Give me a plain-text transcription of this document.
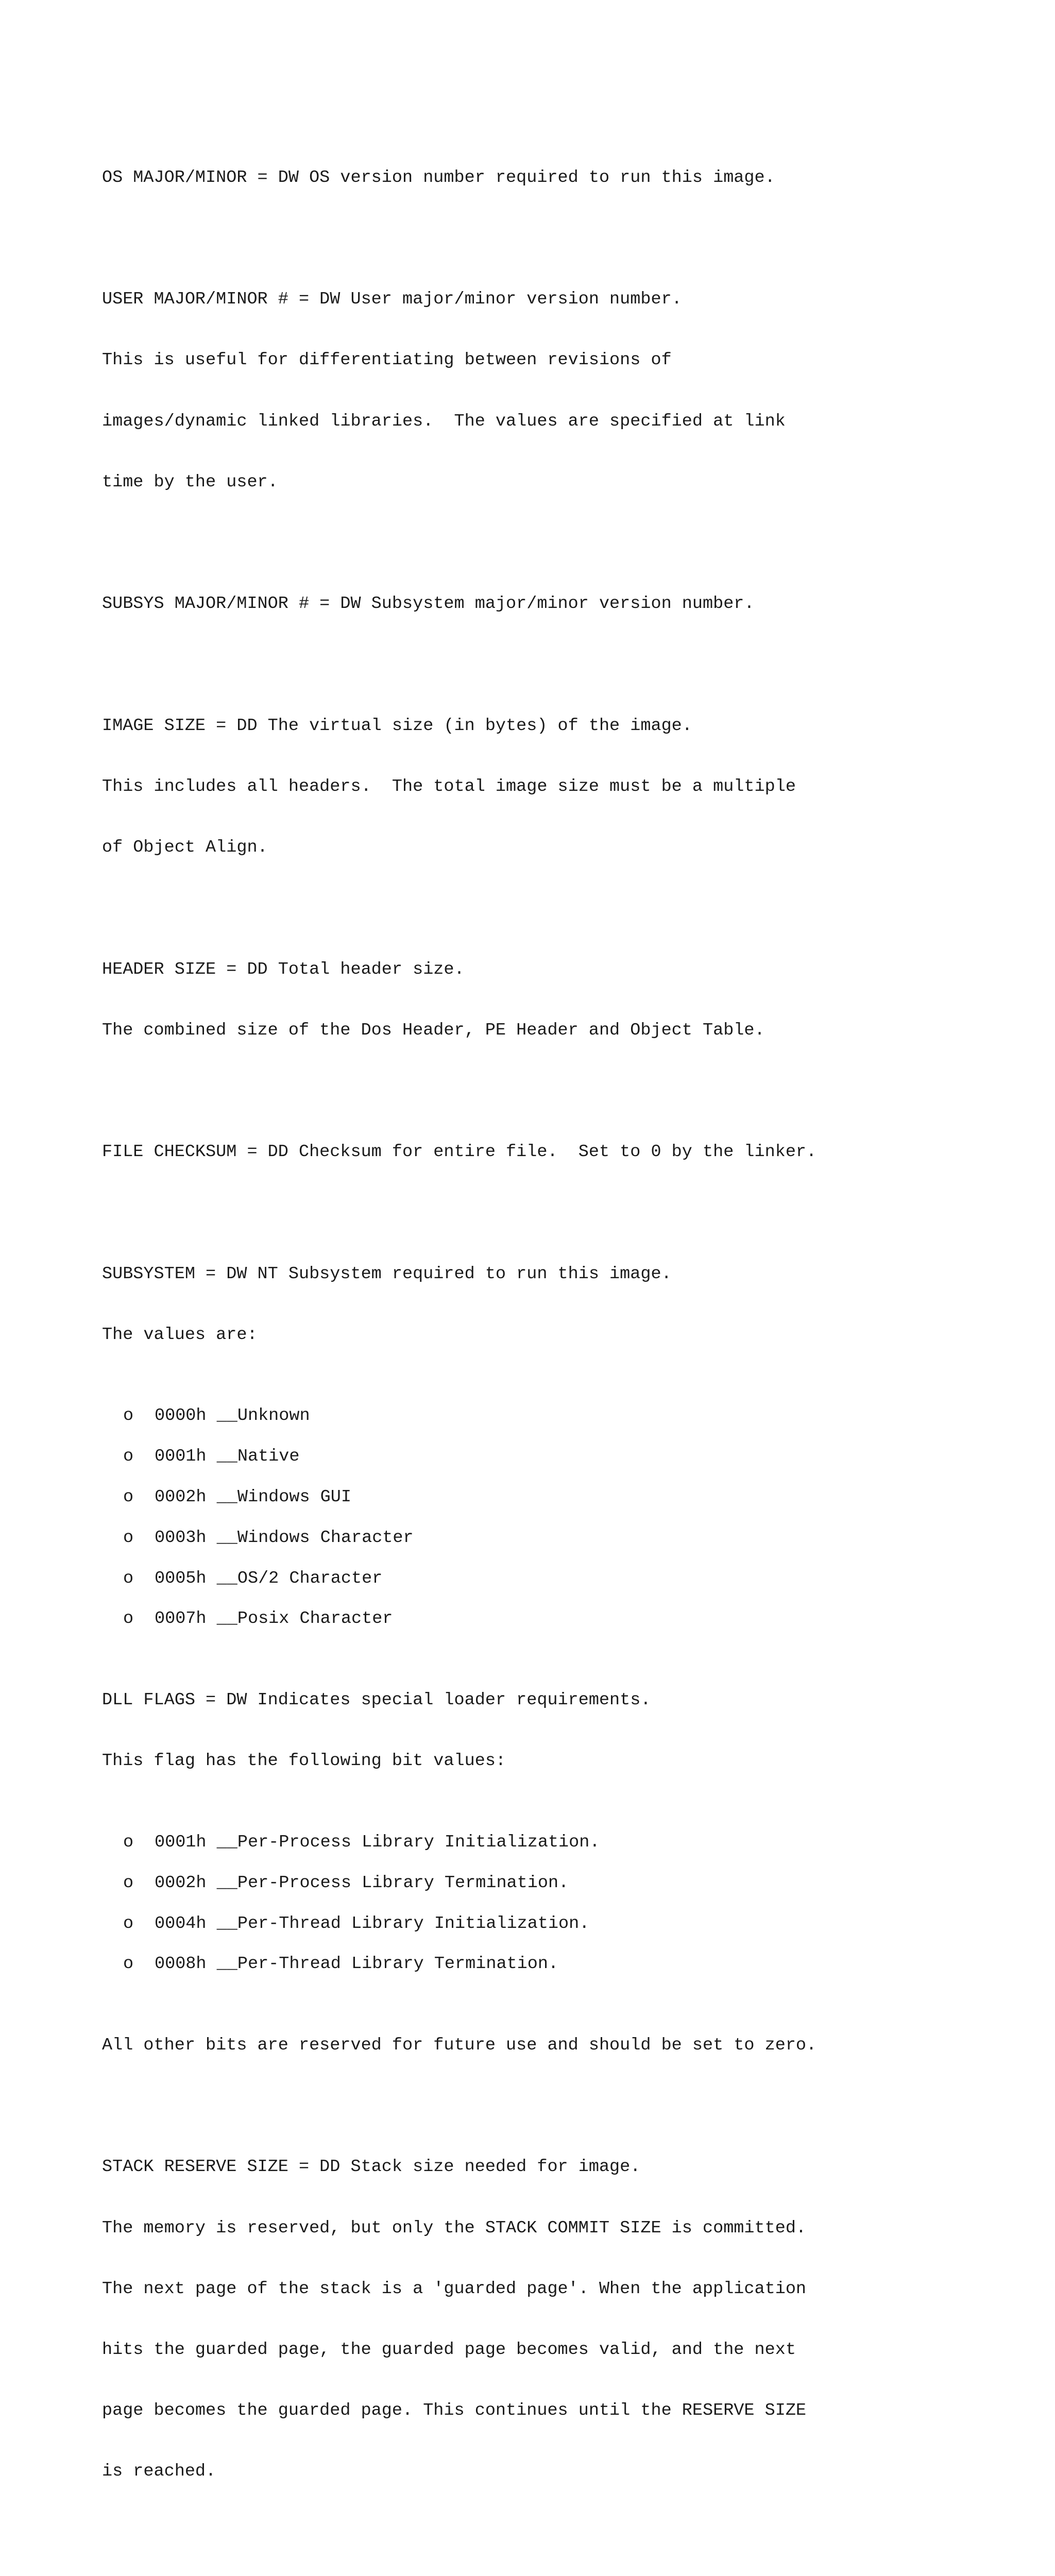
OS MAJOR/MINOR = DW OS version number required to run this image.

USER MAJOR/MINOR # = DW User major/minor version number.

This is useful for differentiating between revisions of

images/dynamic linked libraries.  The values are specified at link

time by the user.

SUBSYS MAJOR/MINOR # = DW Subsystem major/minor version number.

IMAGE SIZE = DD The virtual size (in bytes) of the image.

This includes all headers.  The total image size must be a multiple

of Object Align.

HEADER SIZE = DD Total header size.

The combined size of the Dos Header, PE Header and Object Table.

FILE CHECKSUM = DD Checksum for entire file.  Set to 0 by the linker.

SUBSYSTEM = DW NT Subsystem required to run this image.

The values are:

o 0000h __Unknown
o 0001h __Native
o 0002h __Windows GUI
o 0003h __Windows Character
o 0005h __OS/2 Character
o 0007h __Posix Character

DLL FLAGS = DW Indicates special loader requirements.

This flag has the following bit values:

o 0001h __Per-Process Library Initialization.
o 0002h __Per-Process Library Termination.
o 0004h __Per-Thread Library Initialization.
o 0008h __Per-Thread Library Termination.

All other bits are reserved for future use and should be set to zero.

STACK RESERVE SIZE = DD Stack size needed for image.

The memory is reserved, but only the STACK COMMIT SIZE is committed.

The next page of the stack is a 'guarded page'. When the application

hits the guarded page, the guarded page becomes valid, and the next

page becomes the guarded page. This continues until the RESERVE SIZE

is reached.
